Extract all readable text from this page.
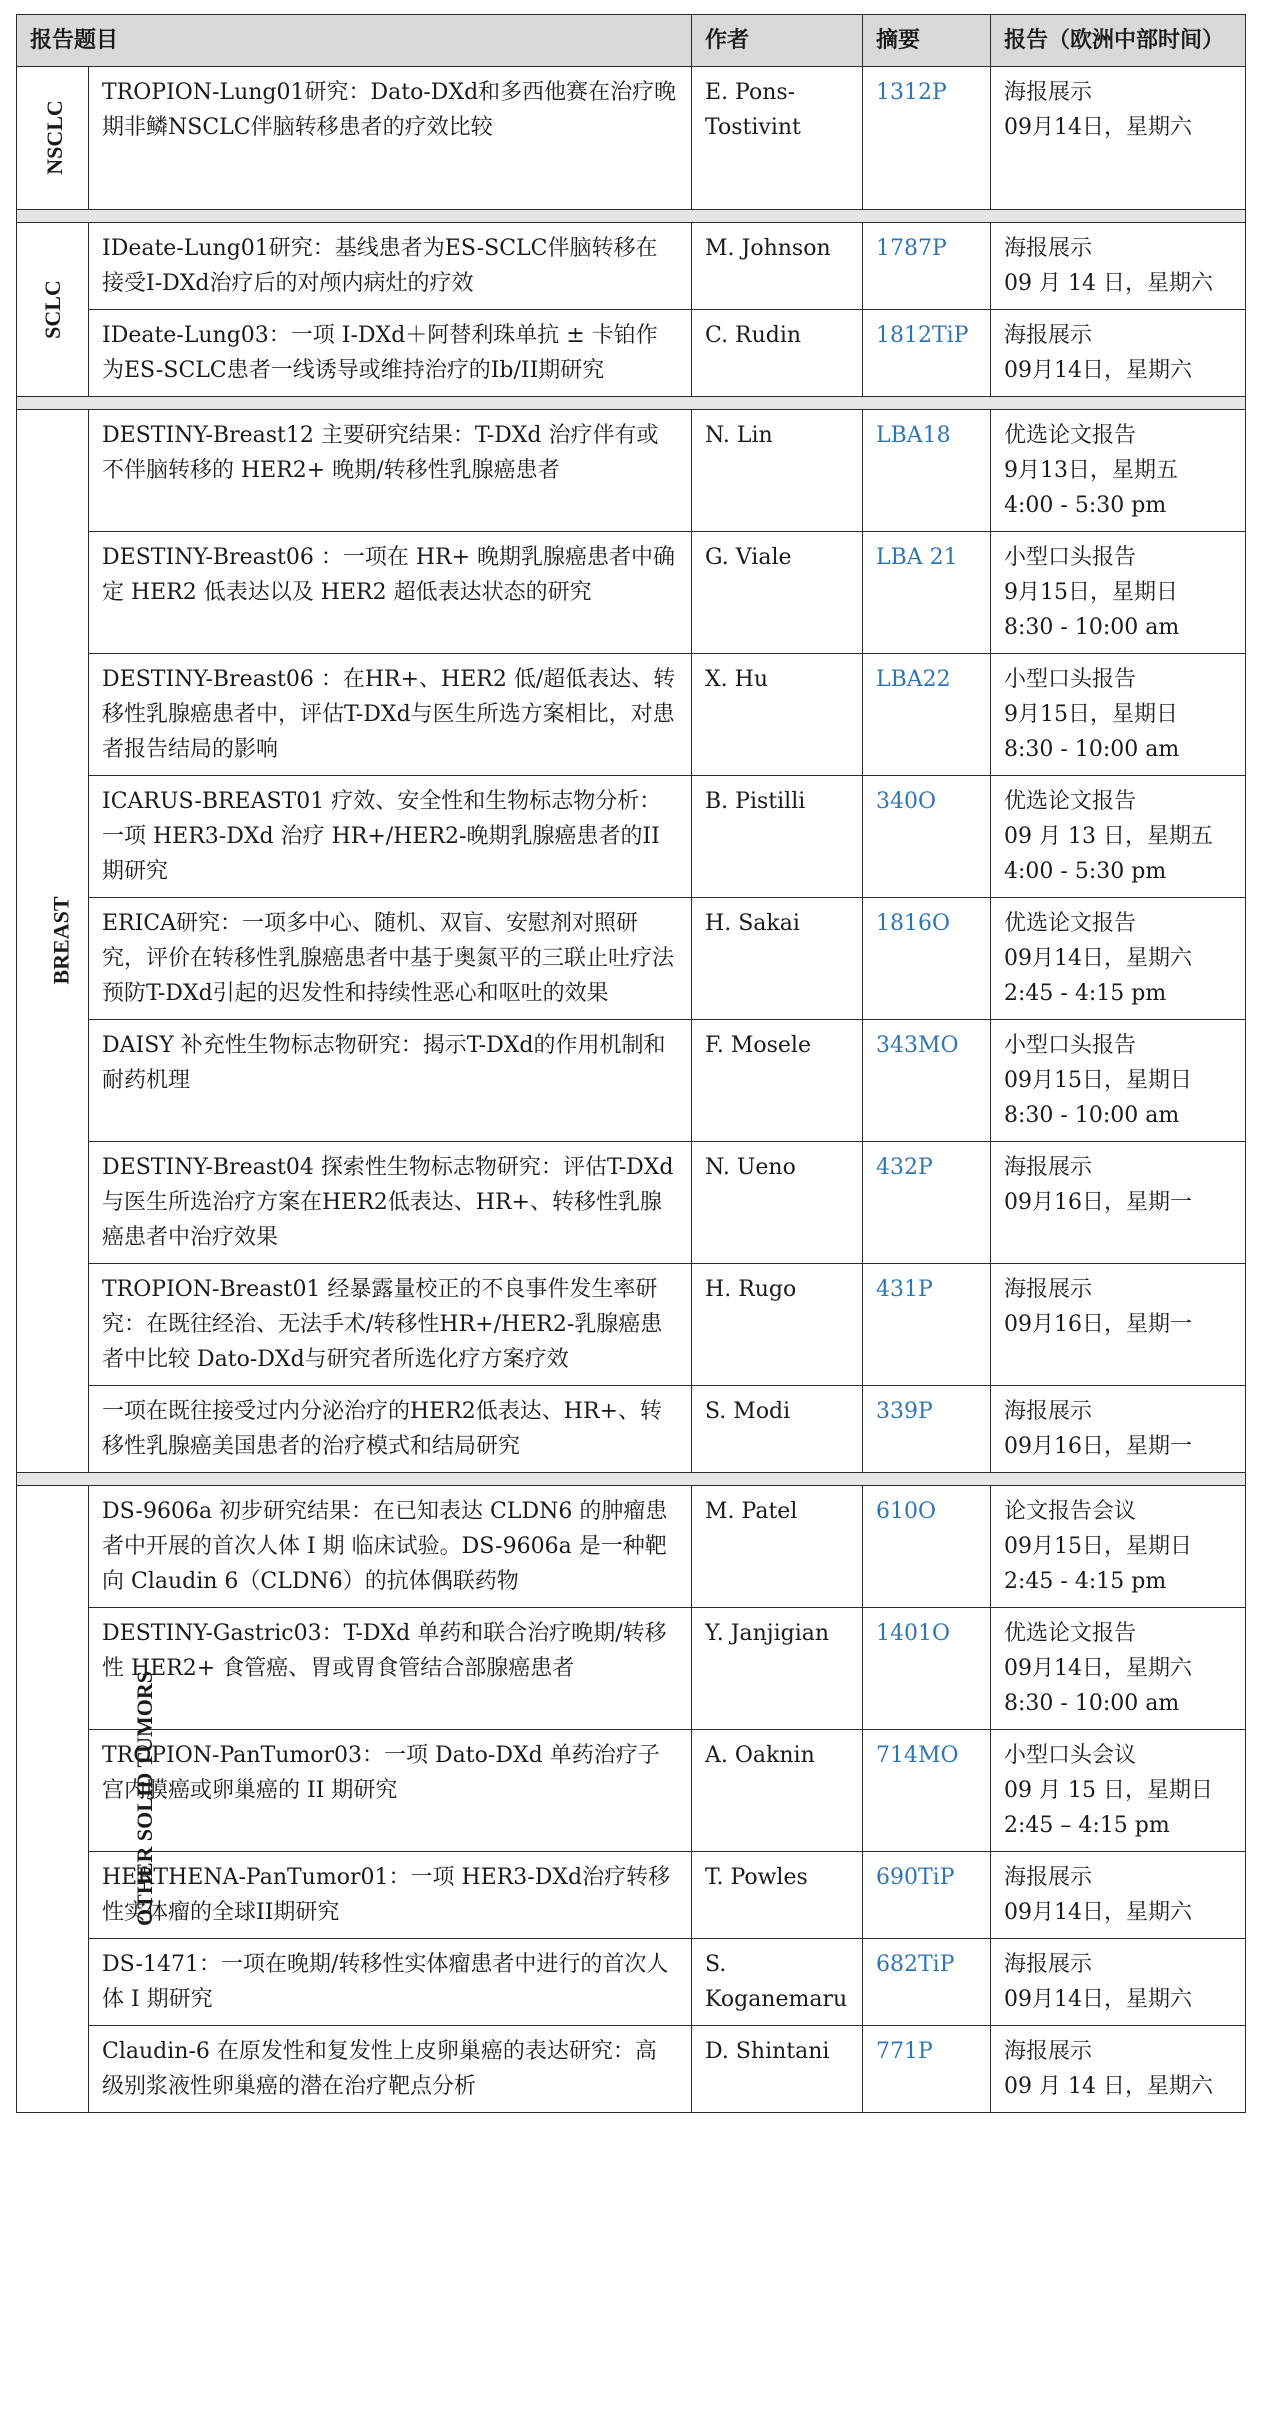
报告题目		作者	摘要	报告（欧洲中部时间）
NSCLC	TROPION-Lung01研究：Dato-DXd和多西他赛在治疗晚期非鳞NSCLC伴脑转移患者的疗效比较	E. Pons-Tostivint	1312P	海报展示
09月14日，星期六

SCLC	IDeate-Lung01研究：基线患者为ES-SCLC伴脑转移在接受I-DXd治疗后的对颅内病灶的疗效	M. Johnson	1787P	海报展示
09 月 14 日，星期六

	IDeate-Lung03：一项 I-DXd＋阿替利珠单抗 ± 卡铂作为ES-SCLC患者一线诱导或维持治疗的Ib/II期研究	C. Rudin	1812TiP	海报展示
09月14日，星期六

BREAST	DESTINY-Breast12 主要研究结果：T-DXd 治疗伴有或不伴脑转移的 HER2+ 晚期/转移性乳腺癌患者	N. Lin	LBA18	优选论文报告
9月13日，星期五
4:00 - 5:30 pm

	DESTINY-Breast06 ：一项在 HR+ 晚期乳腺癌患者中确定 HER2 低表达以及 HER2 超低表达状态的研究	G. Viale	LBA 21	小型口头报告
9月15日，星期日
8:30 - 10:00 am

	DESTINY-Breast06 ：在HR+、HER2 低/超低表达、转移性乳腺癌患者中，评估T-DXd与医生所选方案相比，对患者报告结局的影响	X. Hu	LBA22	小型口头报告
9月15日，星期日
8:30 - 10:00 am

	ICARUS-BREAST01 疗效、安全性和生物标志物分析：一项 HER3-DXd 治疗 HR+/HER2-晚期乳腺癌患者的II期研究	B. Pistilli	340O	优选论文报告
09 月 13 日，星期五
4:00 - 5:30 pm

	ERICA研究：一项多中心、随机、双盲、安慰剂对照研究，评价在转移性乳腺癌患者中基于奥氮平的三联止吐疗法预防T-DXd引起的迟发性和持续性恶心和呕吐的效果	H. Sakai	1816O	优选论文报告
09月14日，星期六
2:45 - 4:15 pm

	DAISY 补充性生物标志物研究：揭示T-DXd的作用机制和耐药机理	F. Mosele	343MO	小型口头报告
09月15日，星期日
8:30 - 10:00 am

	DESTINY-Breast04 探索性生物标志物研究：评估T-DXd与医生所选治疗方案在HER2低表达、HR+、转移性乳腺癌患者中治疗效果	N. Ueno	432P	海报展示
09月16日，星期一

	TROPION-Breast01 经暴露量校正的不良事件发生率研究：在既往经治、无法手术/转移性HR+/HER2-乳腺癌患者中比较 Dato-DXd与研究者所选化疗方案疗效	H. Rugo	431P	海报展示
09月16日，星期一

	一项在既往接受过内分泌治疗的HER2低表达、HR+、转移性乳腺癌美国患者的治疗模式和结局研究	S. Modi	339P	海报展示
09月16日，星期一

OTHER SOLID TUMORS	DS-9606a 初步研究结果：在已知表达 CLDN6 的肿瘤患者中开展的首次人体 I 期 临床试验。DS-9606a 是一种靶向 Claudin 6（CLDN6）的抗体偶联药物	M. Patel	610O	论文报告会议
09月15日，星期日
2:45 - 4:15 pm

	DESTINY-Gastric03：T-DXd 单药和联合治疗晚期/转移性 HER2+ 食管癌、胃或胃食管结合部腺癌患者	Y. Janjigian	1401O	优选论文报告
09月14日，星期六
8:30 - 10:00 am

	TROPION-PanTumor03：一项 Dato-DXd 单药治疗子宫内膜癌或卵巢癌的 II 期研究	A. Oaknin	714MO	小型口头会议
09 月 15 日，星期日
2:45 – 4:15 pm

	HERTHENA-PanTumor01：一项 HER3-DXd治疗转移性实体瘤的全球II期研究	T. Powles	690TiP	海报展示
09月14日，星期六

	DS-1471：一项在晚期/转移性实体瘤患者中进行的首次人体 I 期研究	S. Koganemaru	682TiP	海报展示
09月14日，星期六

	Claudin-6 在原发性和复发性上皮卵巢癌的表达研究：高级别浆液性卵巢癌的潜在治疗靶点分析	D. Shintani	771P	海报展示
09 月 14 日，星期六
